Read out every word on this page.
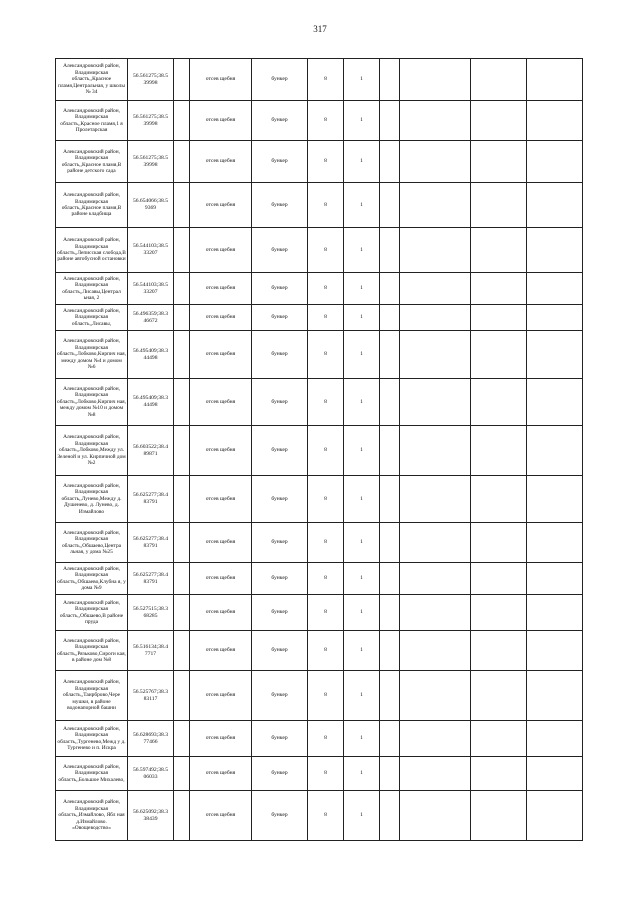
317
Александровский район, Владимирская область,,Красное пламя,Центральная, у школы № 34	56.561275;38.5 39998		отсев щебня	бункер	8	1				
Александровский район, Владимирская область,,Красное пламя,1 я Пролетарская	56.561275;38.5 39998		отсев щебня	бункер	8	1				
Александровский район, Владимирская область,,Красное пламя,В районе детского сада	56.561275;38.5 39998		отсев щебня	бункер	8	1				
Александровский район, Владимирская область,,Красное пламя,В районе кладбища	56.654066;38.5 9369		отсев щебня	бункер	8	1				
Александровский район, Владимирская область,,Леписская слобода,В районе автобусной остановки	56.544103;38.5 33207		отсев щебня	бункер	8	1				
Александровский район, Владимирская область,,Лисавы,Централ ьная, 2	56.544103;38.5 33207		отсев щебня	бункер	8	1				
Александровский район, Владимирская область,,Лисавы,	56.496359;38.3 46672		отсев щебня	бункер	8	1				
Александровский район, Владимирская область,,Лобково,Кирпич ная, между домом №4 и домом №6	56.495409;38.3 44498		отсев щебня	бункер	8	1				
Александровский район, Владимирская область,,Лобково,Кирпич ная, между домом №10 и домом №8	56.495409;38.3 44498		отсев щебня	бункер	8	1				
Александровский район, Владимирская область,,Лобково,Между ул. Зеленой и ул. Кирпичной дом №2	56.603522;38.4 89871		отсев щебня	бункер	8	1				
Александровский район, Владимирская область,,Лунево,Между д. Душенево, д. Лунево, д. Измайлово	56.625277;38.4 83791		отсев щебня	бункер	8	1				
Александровский район, Владимирская область,,Обшаево,Центра льная, у дома №25	56.625277;38.4 83791		отсев щебня	бункер	8	1				
Александровский район, Владимирская область,,Обшаево,Клубна я, у дома №9	56.625277;38.4 83791		отсев щебня	бункер	8	1				
Александровский район, Владимирская область,,Обшаево,В районе пруда	56.527515;38.3 68285		отсев щебня	бункер	8	1				
Александровский район, Владимирская область,,Рязьково,Сироги кая, в районе дом №8	56.516134;38.4 7717		отсев щебня	бункер	8	1				
Александровский район, Владимирская область,,Таирброво,Чере мушки, в районе водонапорной башни	56.525767;38.3 83117		отсев щебня	бункер	8	1				
Александровский район, Владимирская область,,Тургенево,Межд у д. Тургенево и п. Искра	56.628693;38.3 77466		отсев щебня	бункер	8	1				
Александровский район, Владимирская область,,Большое Михалево,	56.597492;38.5 06033		отсев щебня	бункер	8	1				
Александровский район, Владимирская область,,Измайлово, Ябл ная д.Измайлово. «Овощеводство»	56.625092;38.3 38439		отсев щебня	бункер	8	1				
